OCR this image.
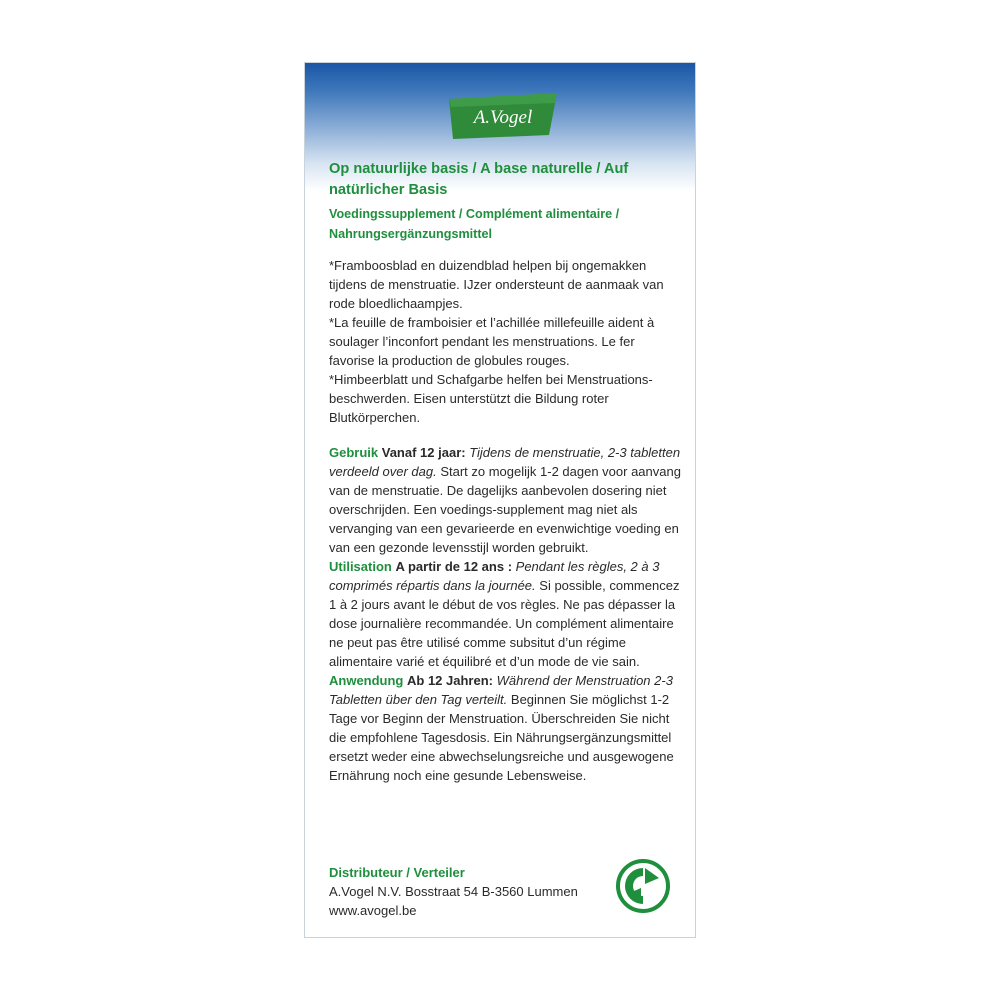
A.Vogel
Op natuurlijke basis / A base naturelle / Auf natürlicher Basis
Voedingssupplement / Complément alimentaire / Nahrungsergänzungsmittel

*Framboosblad en duizendblad helpen bij ongemakken tijdens de menstruatie. IJzer ondersteunt de aanmaak van rode bloedlichaampjes.

*La feuille de framboisier et l’achillée millefeuille aident à soulager l’inconfort pendant les menstruations. Le fer favorise la production de globules rouges.

*Himbeerblatt und Schafgarbe helfen bei Menstruations-beschwerden. Eisen unterstützt die Bildung roter Blutkörperchen.

Gebruik Vanaf 12 jaar: Tijdens de menstruatie, 2-3 tabletten verdeeld over dag. Start zo mogelijk 1-2 dagen voor aanvang van de menstruatie. De dagelijks aanbevolen dosering niet overschrijden. Een voedings-supplement mag niet als vervanging van een gevarieerde en evenwichtige voeding en van een gezonde levensstijl worden gebruikt.

Utilisation A partir de 12 ans : Pendant les règles, 2 à 3 comprimés répartis dans la journée. Si possible, commencez 1 à 2 jours avant le début de vos règles. Ne pas dépasser la dose journalière recommandée. Un complément alimentaire ne peut pas être utilisé comme subsitut d’un régime alimentaire varié et équilibré et d’un mode de vie sain.

Anwendung Ab 12 Jahren: Während der Menstruation 2-3 Tabletten über den Tag verteilt. Beginnen Sie möglichst 1-2 Tage vor Beginn der Menstruation. Überschreiden Sie nicht die empfohlene Tagesdosis. Ein Nährungsergänzungsmittel ersetzt weder eine abwechselungsreiche und ausgewogene Ernährung noch eine gesunde Lebensweise.

Distributeur / Verteiler
A.Vogel N.V. Bosstraat 54 B-3560 Lummen
www.avogel.be
